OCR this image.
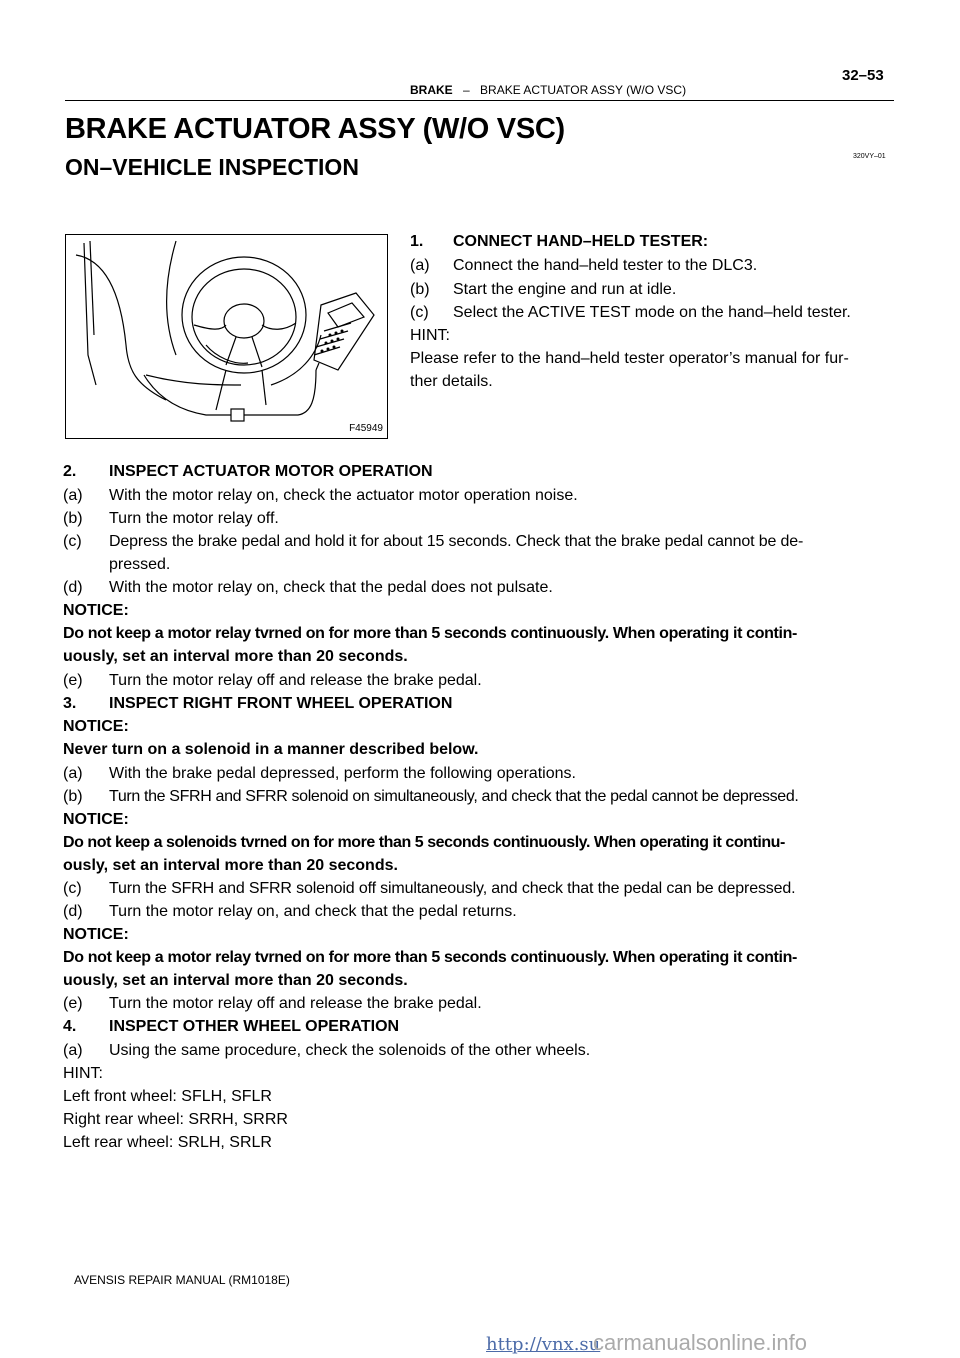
32–53
BRAKE – BRAKE ACTUATOR ASSY (W/O VSC)
BRAKE ACTUATOR ASSY (W/O VSC)
ON–VEHICLE INSPECTION	320VY–01
F45949
1. CONNECT HAND–HELD TESTER:
(a) Connect the hand–held tester to the DLC3.
(b) Start the engine and run at idle.
(c) Select the ACTIVE TEST mode on the hand–held tester.
HINT:
Please refer to the hand–held tester operator’s manual for fur-
ther details.
2. INSPECT ACTUATOR MOTOR OPERATION
(a) With the motor relay on, check the actuator motor operation noise.
(b) Turn the motor relay off.
(c) Depress the brake pedal and hold it for about 15 seconds. Check that the brake pedal cannot be de-
pressed.
(d) With the motor relay on, check that the pedal does not pulsate.
NOTICE:
Do not keep a motor relay tvrned on for more than 5 seconds continuously. When operating it contin-
uously, set an interval more than 20 seconds.
(e) Turn the motor relay off and release the brake pedal.
3. INSPECT RIGHT FRONT WHEEL OPERATION
NOTICE:
Never turn on a solenoid in a manner described below.
(a) With the brake pedal depressed, perform the following operations.
(b) Turn the SFRH and SFRR solenoid on simultaneously, and check that the pedal cannot be depressed.
NOTICE:
Do not keep a solenoids tvrned on for more than 5 seconds continuously. When operating it continu-
ously, set an interval more than 20 seconds.
(c) Turn the SFRH and SFRR solenoid off simultaneously, and check that the pedal can be depressed.
(d) Turn the motor relay on, and check that the pedal returns.
NOTICE:
Do not keep a motor relay tvrned on for more than 5 seconds continuously. When operating it contin-
uously, set an interval more than 20 seconds.
(e) Turn the motor relay off and release the brake pedal.
4. INSPECT OTHER WHEEL OPERATION
(a) Using the same procedure, check the solenoids of the other wheels.
HINT:
Left front wheel: SFLH, SFLR
Right rear wheel: SRRH, SRRR
Left rear wheel: SRLH, SRLR
AVENSIS REPAIR MANUAL (RM1018E)
http://vnx.su
carmanualsonline.info
